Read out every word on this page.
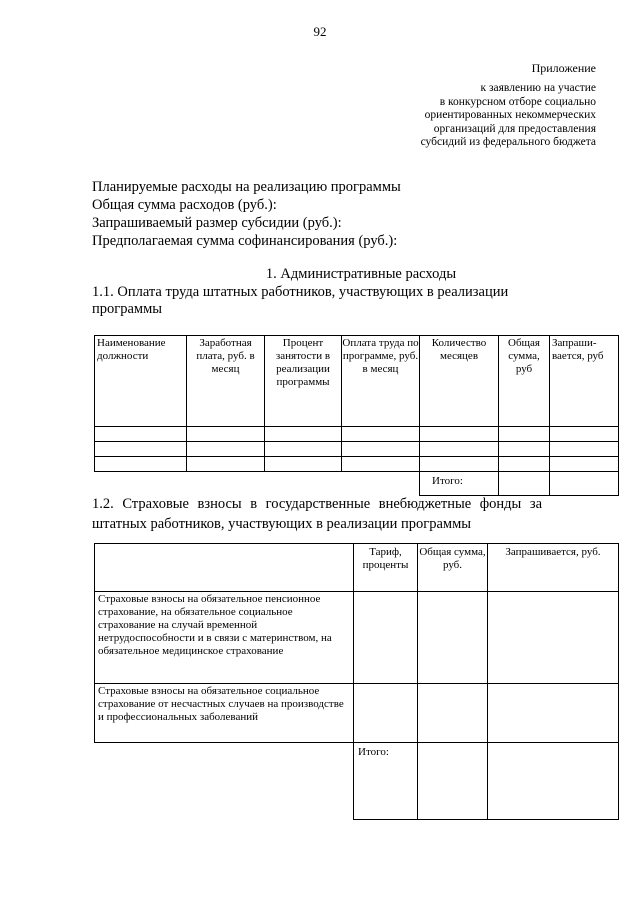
92
Приложение
к заявлению на участие
в конкурсном отборе социально
ориентированных некоммерческих
организаций для предоставления
субсидий из федерального бюджета
Планируемые расходы на реализацию программы
Общая сумма расходов (руб.):
Запрашиваемый размер субсидии (руб.):
Предполагаемая сумма софинансирования (руб.):
1. Административные расходы
1.1. Оплата труда штатных работников, участвующих в реализации программы
Наименование должности	Заработная плата, руб. в месяц	Процент занятости в реализации программы	Оплата труда по программе, руб. в месяц	Количество месяцев	Общая сумма, руб	Запраши-вается, руб

				Итого:		
1.2. Страховые взносы в государственные внебюджетные фонды за штатных работников, участвующих в реализации программы
	Тариф, проценты	Общая сумма, руб.	Запрашивается, руб.
Страховые взносы на обязательное пенсионное страхование, на обязательное социальное страхование на случай временной нетрудоспособности и в связи с материнством, на обязательное медицинское страхование			
Страховые взносы на обязательное социальное страхование от несчастных случаев на производстве и профессиональных заболеваний			
	Итого:		
